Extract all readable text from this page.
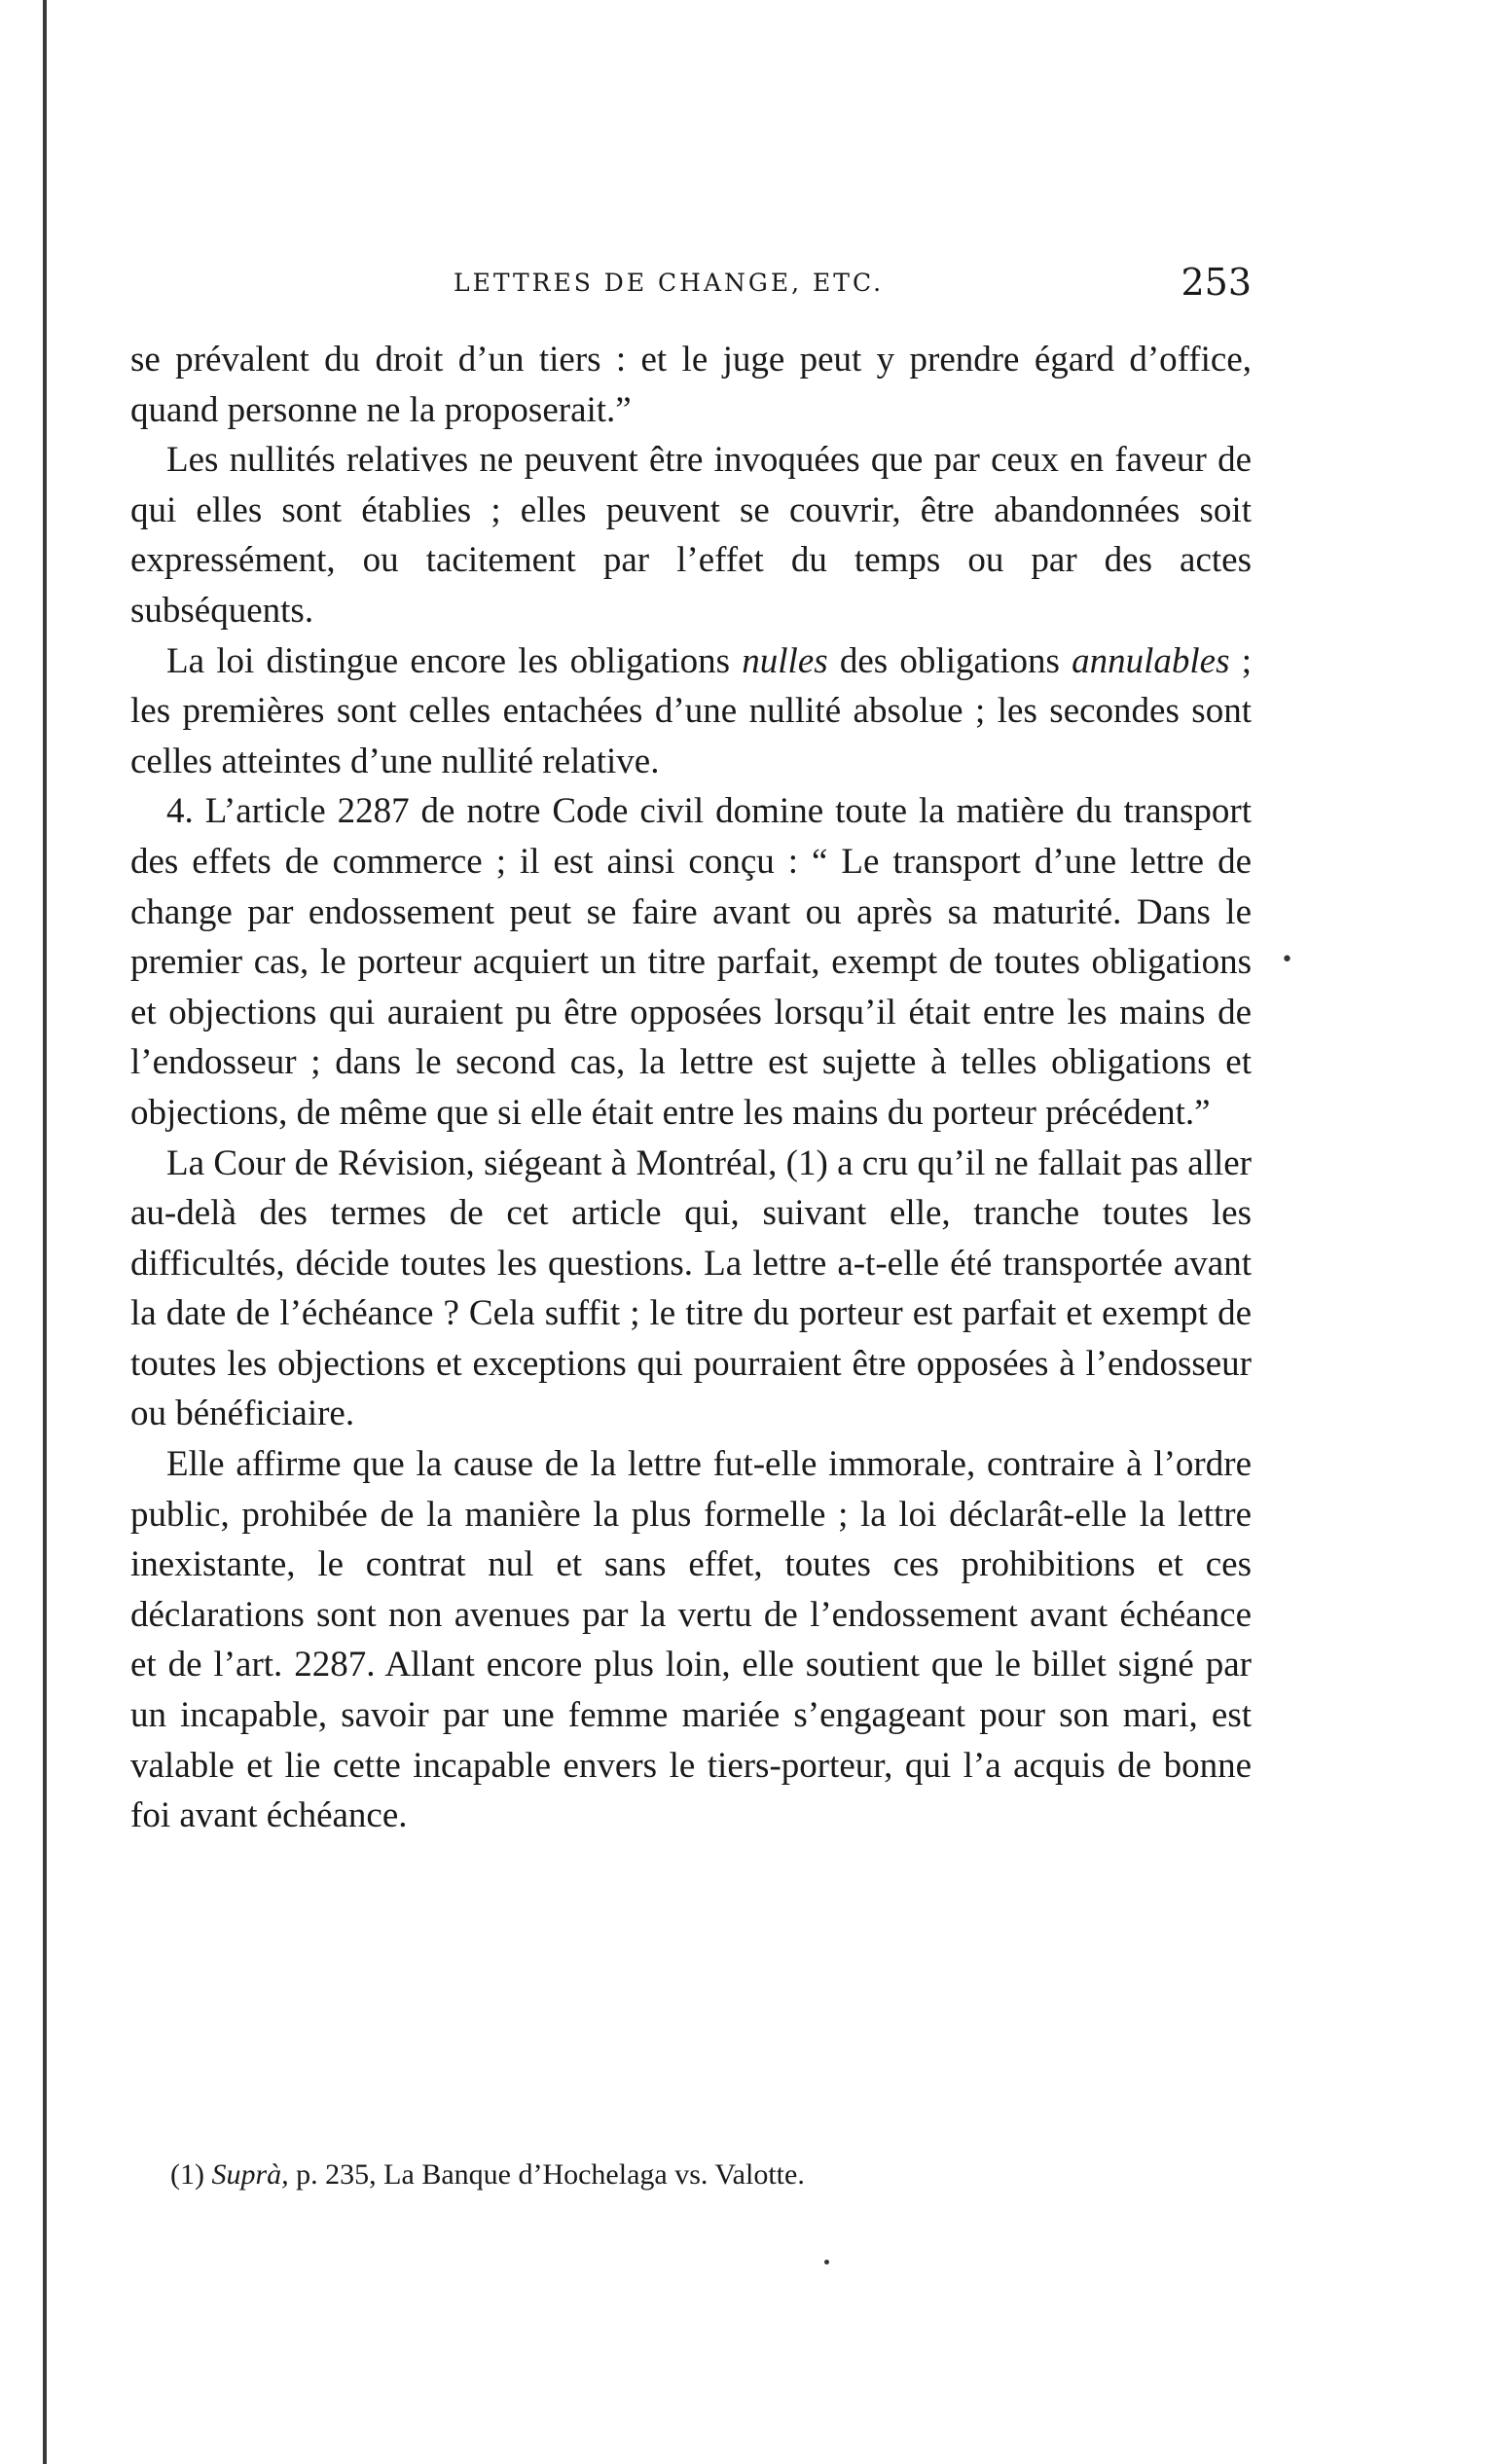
LETTRES DE CHANGE, ETC.	253

se prévalent du droit d’un tiers : et le juge peut y prendre égard d’office, quand personne ne la proposerait.”

Les nullités relatives ne peuvent être invoquées que par ceux en faveur de qui elles sont établies ; elles peuvent se couvrir, être abandonnées soit expressément, ou tacitement par l’effet du temps ou par des actes subséquents.

La loi distingue encore les obligations nulles des obligations annulables ; les premières sont celles entachées d’une nullité absolue ; les secondes sont celles atteintes d’une nullité relative.

4. L’article 2287 de notre Code civil domine toute la matière du transport des effets de commerce ; il est ainsi conçu : “ Le transport d’une lettre de change par endossement peut se faire avant ou après sa maturité. Dans le premier cas, le porteur acquiert un titre parfait, exempt de toutes obligations et objections qui auraient pu être opposées lorsqu’il était entre les mains de l’endosseur ; dans le second cas, la lettre est sujette à telles obligations et objections, de même que si elle était entre les mains du porteur précédent.”

La Cour de Révision, siégeant à Montréal, (1) a cru qu’il ne fallait pas aller au-delà des termes de cet article qui, suivant elle, tranche toutes les difficultés, décide toutes les questions. La lettre a-t-elle été transportée avant la date de l’échéance ? Cela suffit ; le titre du porteur est parfait et exempt de toutes les objections et exceptions qui pourraient être opposées à l’endosseur ou bénéficiaire.

Elle affirme que la cause de la lettre fut-elle immorale, contraire à l’ordre public, prohibée de la manière la plus formelle ; la loi déclarât-elle la lettre inexistante, le contrat nul et sans effet, toutes ces prohibitions et ces déclarations sont non avenues par la vertu de l’endossement avant échéance et de l’art. 2287. Allant encore plus loin, elle soutient que le billet signé par un incapable, savoir par une femme mariée s’engageant pour son mari, est valable et lie cette incapable envers le tiers-porteur, qui l’a acquis de bonne foi avant échéance.

•
(1) Suprà, p. 235, La Banque d’Hochelaga vs. Valotte.
